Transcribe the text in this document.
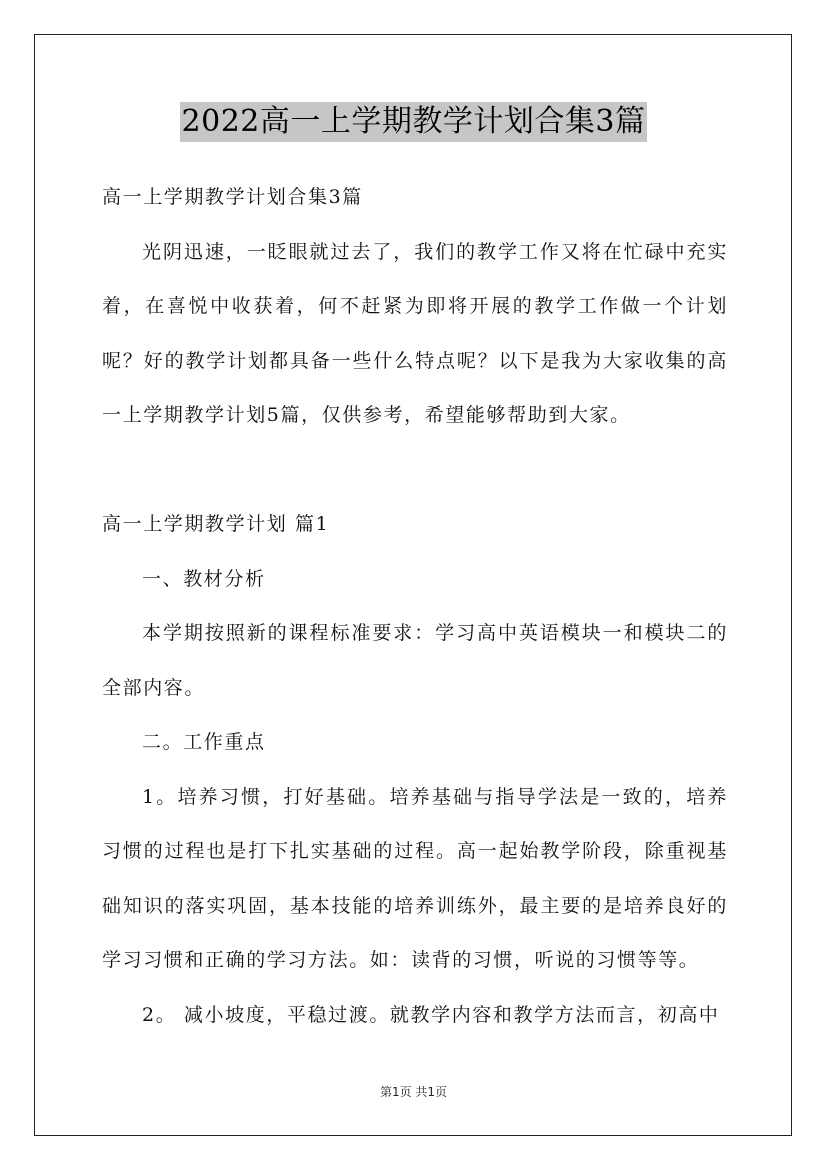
2022高一上学期教学计划合集3篇

高一上学期教学计划合集3篇

光阴迅速，一眨眼就过去了，我们的教学工作又将在忙碌中充实着，在喜悦中收获着，何不赶紧为即将开展的教学工作做一个计划呢？好的教学计划都具备一些什么特点呢？以下是我为大家收集的高一上学期教学计划5篇，仅供参考，希望能够帮助到大家。

高一上学期教学计划 篇1

一、教材分析

本学期按照新的课程标准要求：学习高中英语模块一和模块二的全部内容。

二。工作重点

1。培养习惯，打好基础。培养基础与指导学法是一致的，培养习惯的过程也是打下扎实基础的过程。高一起始教学阶段，除重视基础知识的落实巩固，基本技能的培养训练外，最主要的是培养良好的学习习惯和正确的学习方法。如：读背的习惯，听说的习惯等等。

2。 减小坡度，平稳过渡。就教学内容和教学方法而言，初高中

第1页 共1页
